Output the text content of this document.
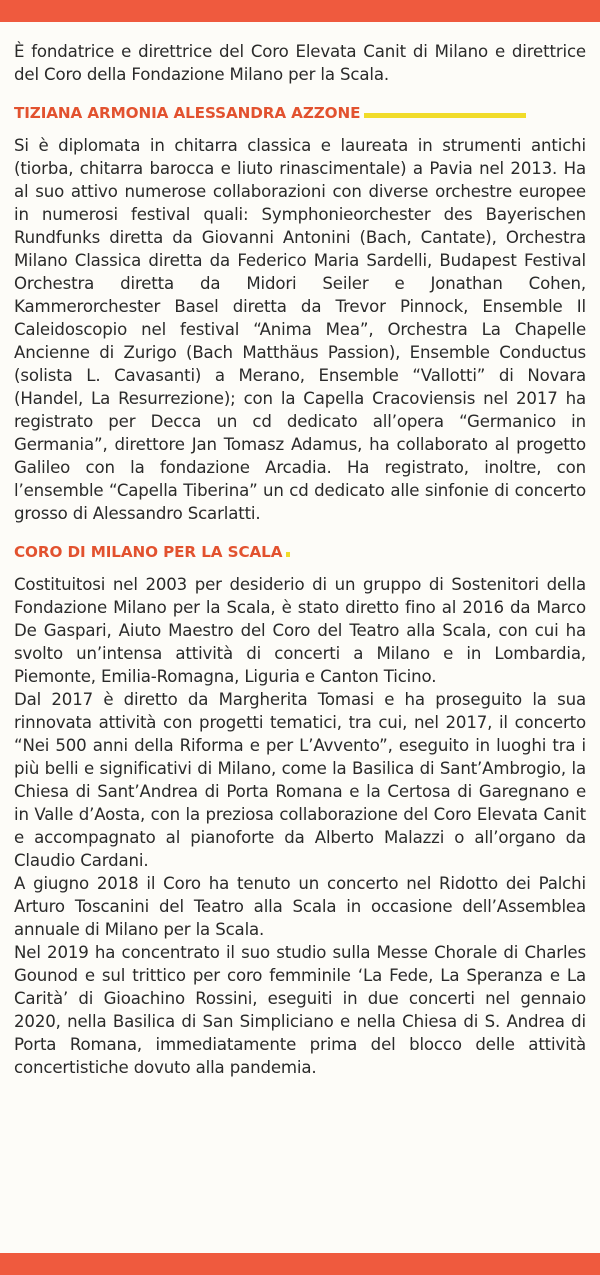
È fondatrice e direttrice del Coro Elevata Canit di Milano e direttrice del Coro della Fondazione Milano per la Scala.

TIZIANA ARMONIA ALESSANDRA AZZONE

Si è diplomata in chitarra classica e laureata in strumenti antichi (tiorba, chitarra barocca e liuto rinascimentale) a Pavia nel 2013. Ha al suo attivo numerose collaborazioni con diverse orchestre europee in numerosi festival quali: Symphonieorchester des Bayerischen Rundfunks diretta da Giovanni Antonini (Bach, Cantate), Orchestra Milano Classica diretta da Federico Maria Sardelli, Budapest Festival Orchestra diretta da Midori Seiler e Jonathan Cohen, Kammerorchester Basel diretta da Trevor Pinnock, Ensemble Il Caleidoscopio nel festival “Anima Mea”, Orchestra La Chapelle Ancienne di Zurigo (Bach Matthäus Passion), Ensemble Conductus (solista L. Cavasanti) a Merano, Ensemble “Vallotti” di Novara (Handel, La Resurrezione); con la Capella Cracoviensis nel 2017 ha registrato per Decca un cd dedicato all’opera “Germanico in Germania”, direttore Jan Tomasz Adamus, ha collaborato al progetto Galileo con la fondazione Arcadia. Ha registrato, inoltre, con l’ensemble “Capella Tiberina” un cd dedicato alle sinfonie di concerto grosso di Alessandro Scarlatti.

CORO DI MILANO PER LA SCALA

Costituitosi nel 2003 per desiderio di un gruppo di Sostenitori della Fondazione Milano per la Scala, è stato diretto fino al 2016 da Marco De Gaspari, Aiuto Maestro del Coro del Teatro alla Scala, con cui ha svolto un’intensa attività di concerti a Milano e in Lombardia, Piemonte, Emilia-Romagna, Liguria e Canton Ticino.

Dal 2017 è diretto da Margherita Tomasi e ha proseguito la sua rinnovata attività con progetti tematici, tra cui, nel 2017, il concerto “Nei 500 anni della Riforma e per L’Avvento”, eseguito in luoghi tra i più belli e significativi di Milano, come la Basilica di Sant’Ambrogio, la Chiesa di Sant’Andrea di Porta Romana e la Certosa di Garegnano e in Valle d’Aosta, con la preziosa collaborazione del Coro Elevata Canit e accompagnato al pianoforte da Alberto Malazzi o all’organo da Claudio Cardani.

A giugno 2018 il Coro ha tenuto un concerto nel Ridotto dei Palchi Arturo Toscanini del Teatro alla Scala in occasione dell’Assemblea annuale di Milano per la Scala.

Nel 2019 ha concentrato il suo studio sulla Messe Chorale di Charles Gounod e sul trittico per coro femminile ‘La Fede, La Speranza e La Carità’ di Gioachino Rossini, eseguiti in due concerti nel gennaio 2020, nella Basilica di San Simpliciano e nella Chiesa di S. Andrea di Porta Romana, immediatamente prima del blocco delle attività concertistiche dovuto alla pandemia.
